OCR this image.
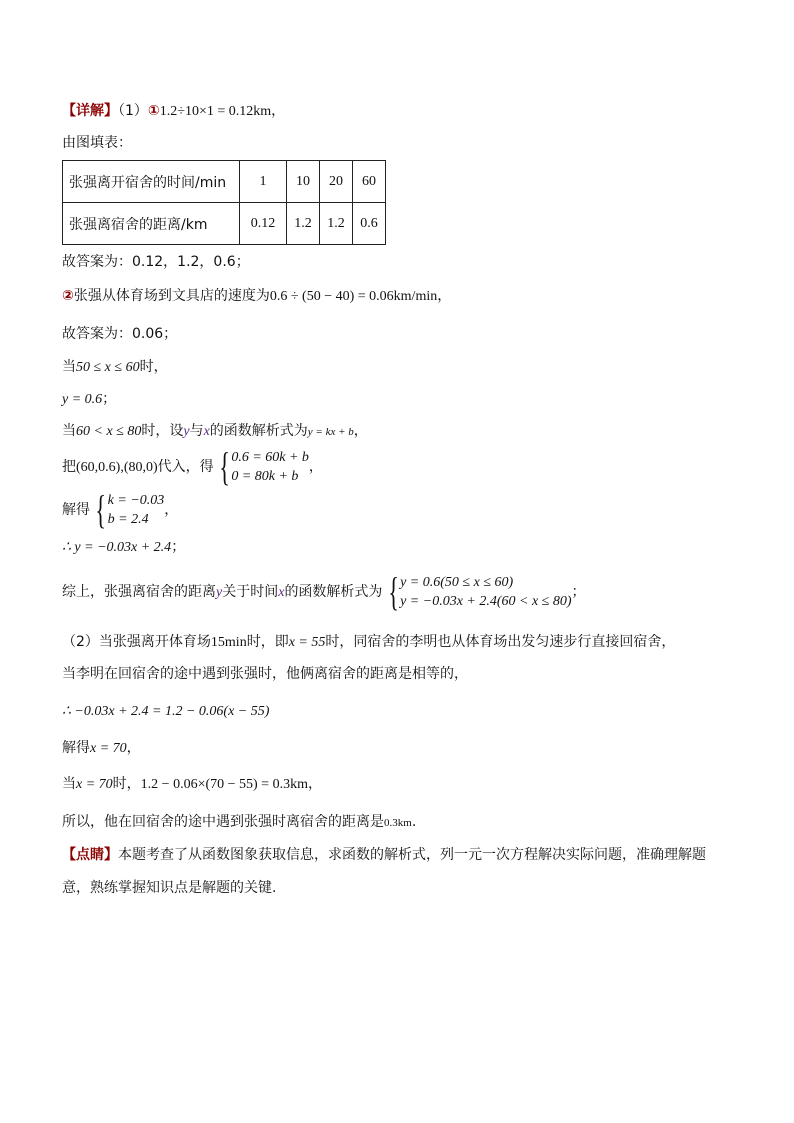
【详解】（1）①1.2÷10×1 = 0.12km，
由图填表：
张强离开宿舍的时间/min	1	10	20	60
张强离宿舍的距离/km	0.12	1.2	1.2	0.6
故答案为：0.12，1.2，0.6；
②张强从体育场到文具店的速度为0.6 ÷ (50 − 40) = 0.06km/min，
故答案为：0.06；
当50 ≤ x ≤ 60时，
y = 0.6；
当60 < x ≤ 80时，设y与x的函数解析式为y = kx + b，
把(60,0.6),(80,0)代入，得 { 0.6 = 60k + b
0 = 80k + b
，
解得 { k = −0.03
b = 2.4
，
∴ y = −0.03x + 2.4；
综上，张强离宿舍的距离y关于时间x的函数解析式为 { y = 0.6(50 ≤ x ≤ 60)
y = −0.03x + 2.4(60 < x ≤ 80)
；
（2）当张强离开体育场15min时，即x = 55时，同宿舍的李明也从体育场出发匀速步行直接回宿舍，
当李明在回宿舍的途中遇到张强时，他俩离宿舍的距离是相等的，
∴ −0.03x + 2.4 = 1.2 − 0.06(x − 55)
解得x = 70，
当x = 70时，1.2 − 0.06×(70 − 55) = 0.3km，
所以，他在回宿舍的途中遇到张强时离宿舍的距离是0.3km.
【点睛】本题考查了从函数图象获取信息，求函数的解析式，列一元一次方程解决实际问题，准确理解题
意，熟练掌握知识点是解题的关键.
